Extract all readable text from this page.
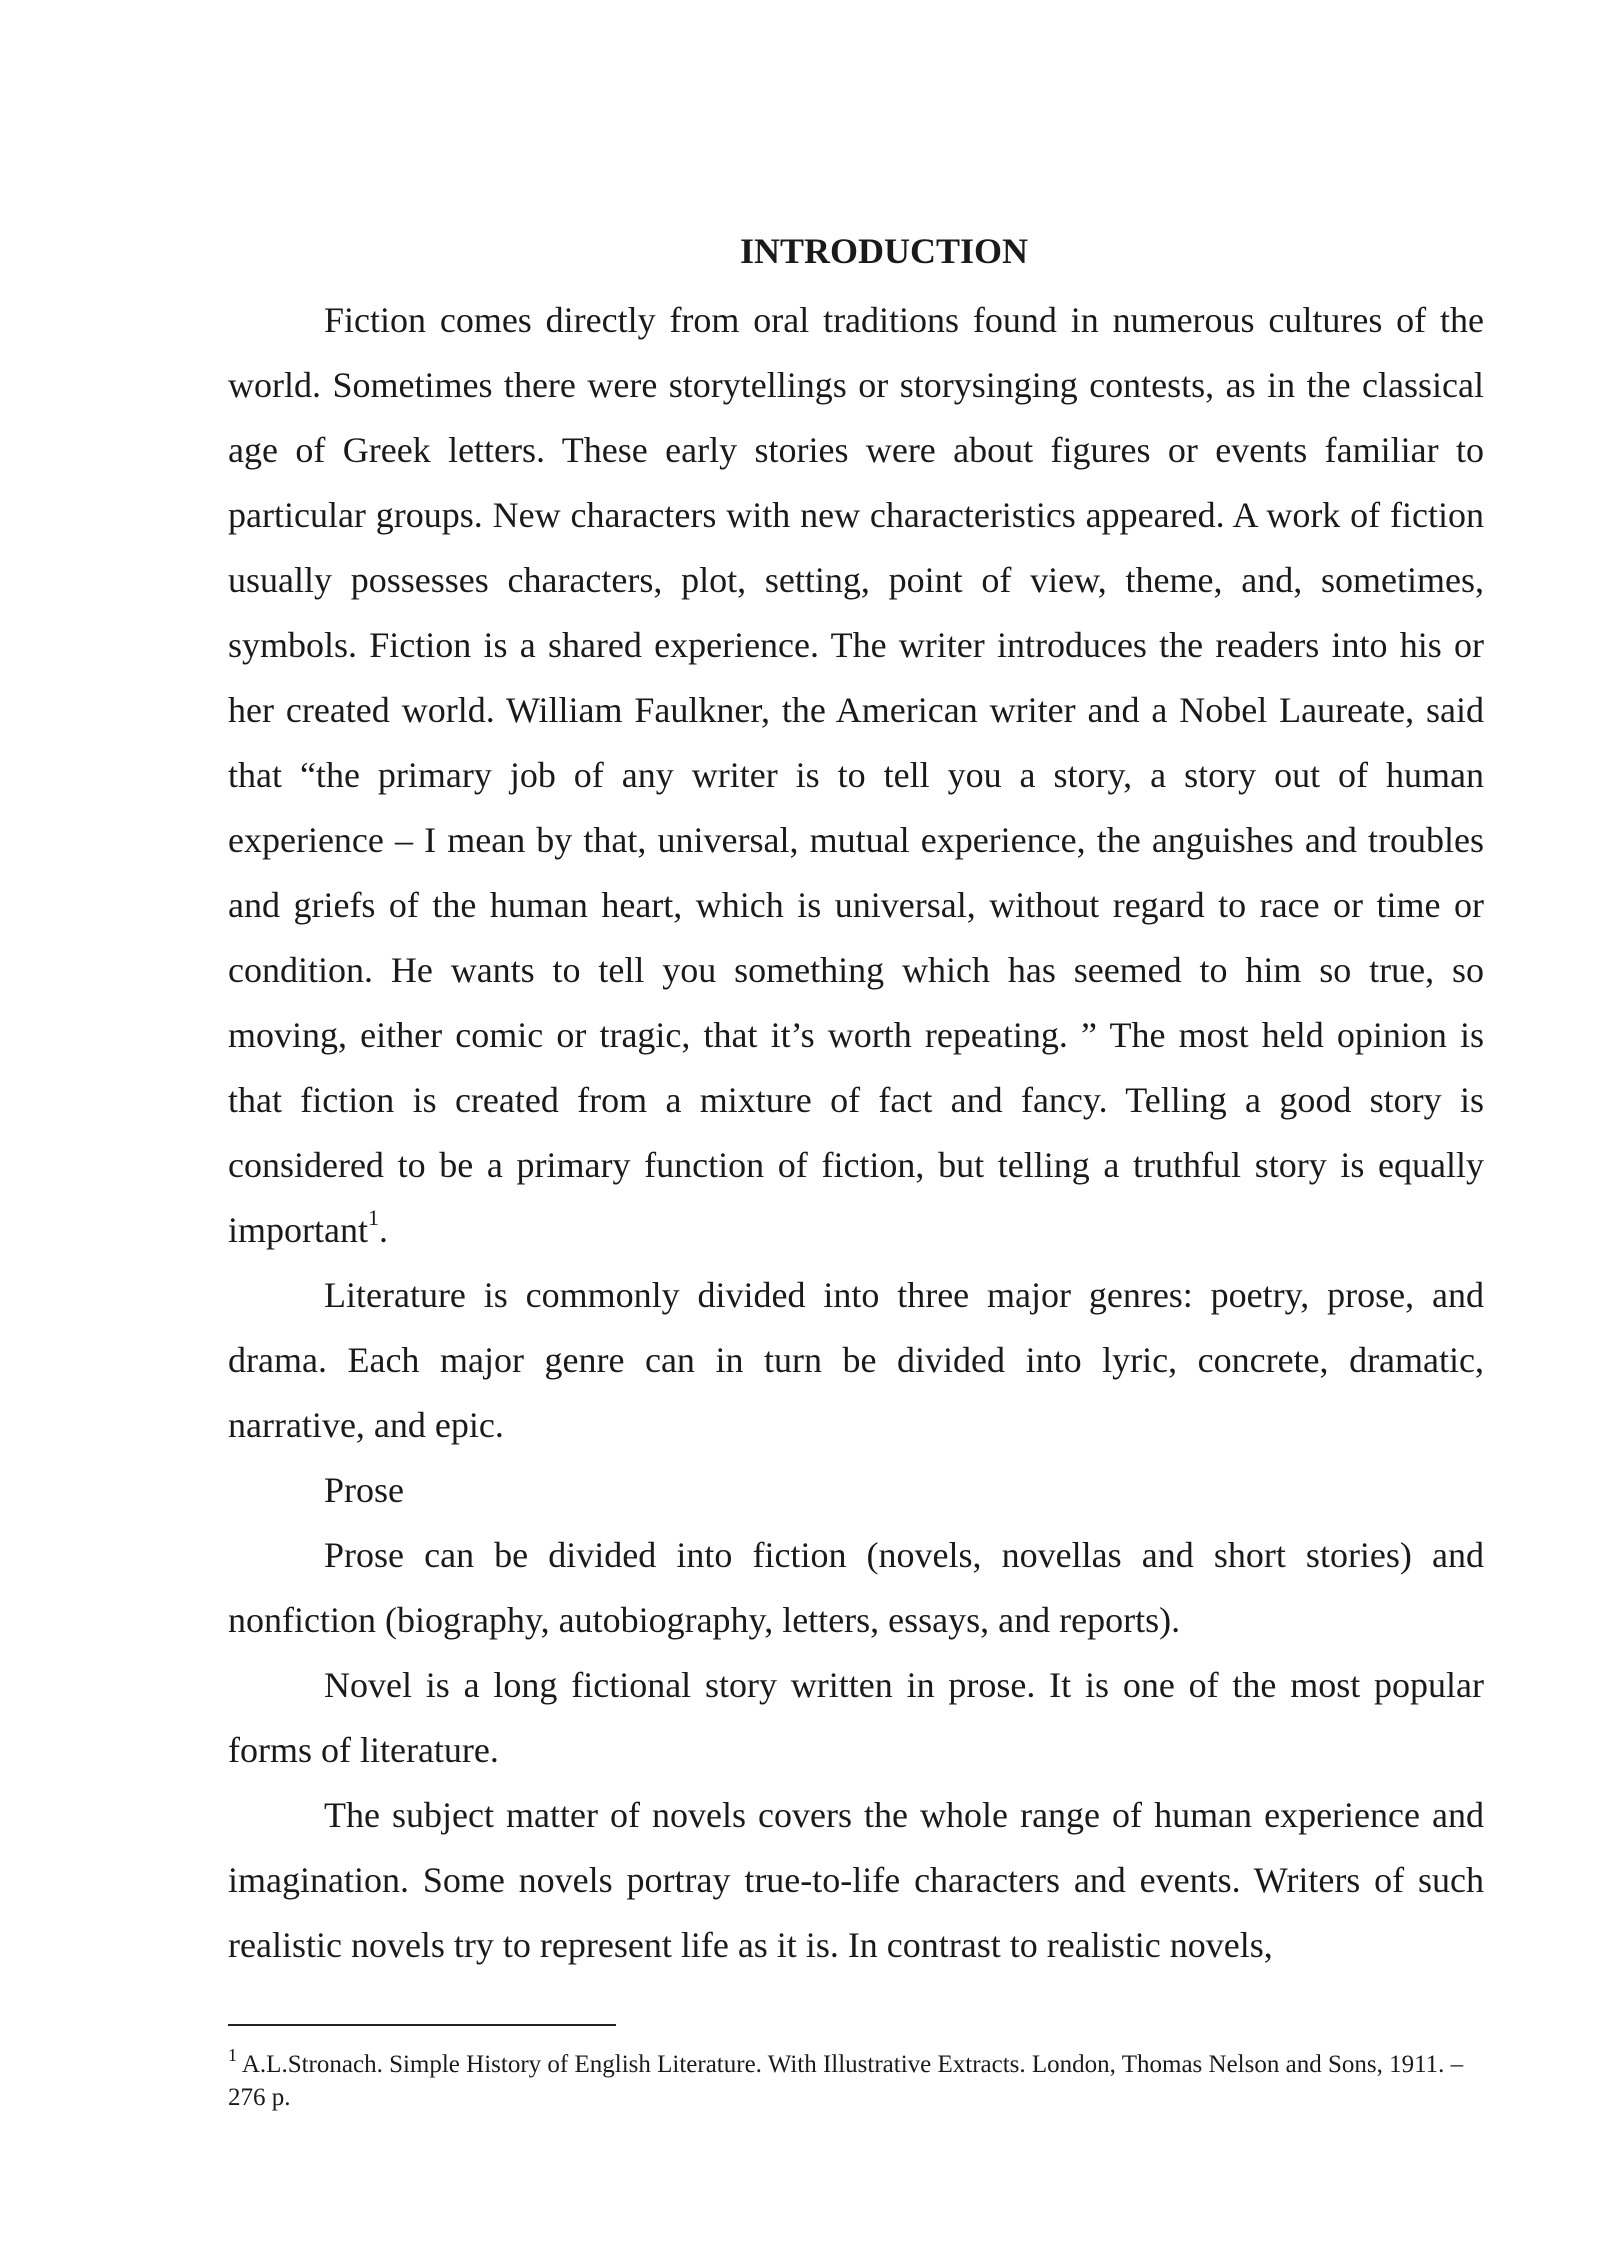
INTRODUCTION

Fiction comes directly from oral traditions found in numerous cultures of the world. Sometimes there were storytellings or storysinging contests, as in the classical age of Greek letters. These early stories were about figures or events familiar to particular groups. New characters with new characteristics appeared. A work of fiction usually possesses characters, plot, setting, point of view, theme, and, sometimes, symbols. Fiction is a shared experience. The writer introduces the readers into his or her created world. William Faulkner, the American writer and a Nobel Laureate, said that “the primary job of any writer is to tell you a story, a story out of human experience – I mean by that, universal, mutual experience, the anguishes and troubles and griefs of the human heart, which is universal, without regard to race or time or condition. He wants to tell you something which has seemed to him so true, so moving, either comic or tragic, that it’s worth repeating. ” The most held opinion is that fiction is created from a mixture of fact and fancy. Telling a good story is considered to be a primary function of fiction, but telling a truthful story is equally important$^1$.

Literature is commonly divided into three major genres: poetry, prose, and drama. Each major genre can in turn be divided into lyric, concrete, dramatic, narrative, and epic.

Prose

Prose can be divided into fiction (novels, novellas and short stories) and nonfiction (biography, autobiography, letters, essays, and reports).

Novel is a long fictional story written in prose. It is one of the most popular forms of literature.

The subject matter of novels covers the whole range of human experience and imagination. Some novels portray true-to-life characters and events. Writers of such realistic novels try to represent life as it is. In contrast to realistic novels,

$^1$ A.L.Stronach. Simple History of English Literature. With Illustrative Extracts. London, Thomas Nelson and Sons, 1911. – 276 p.
